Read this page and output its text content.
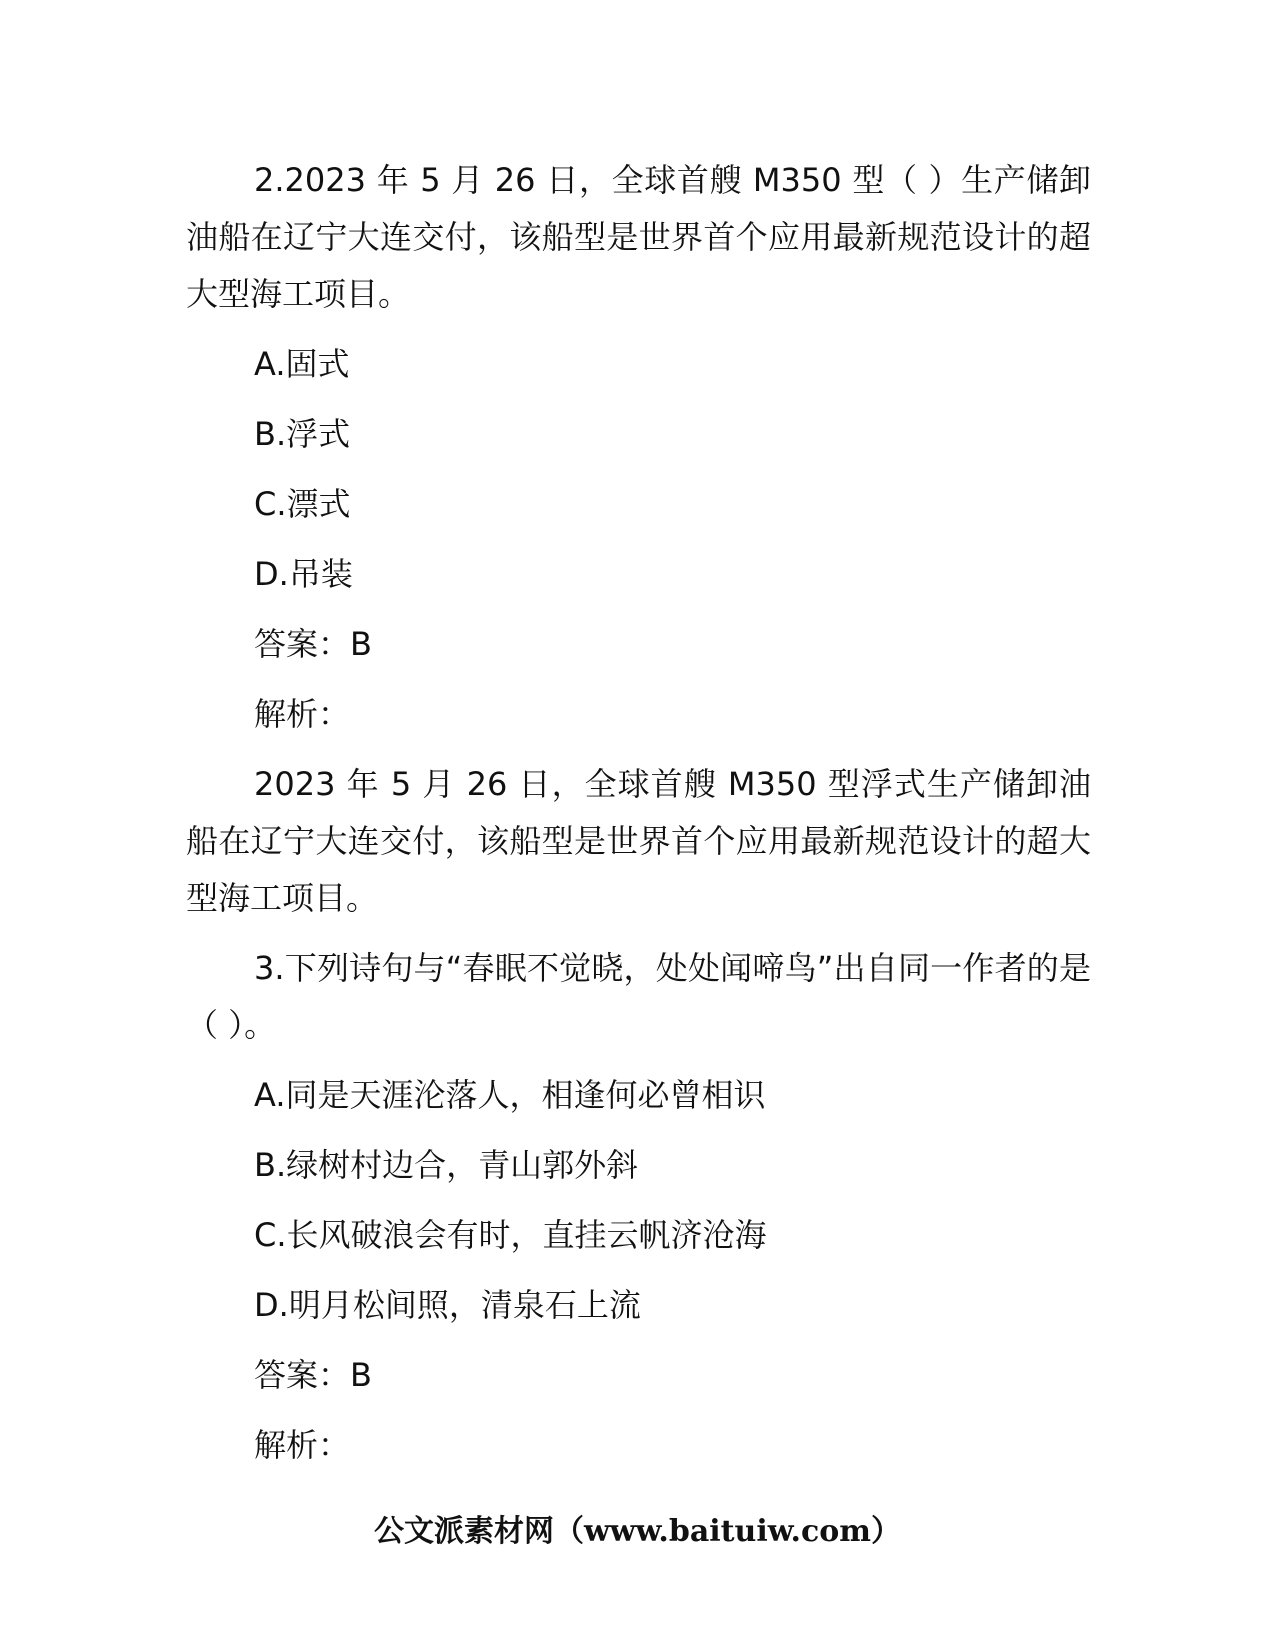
2.2023 年 5 月 26 日，全球首艘 M350 型（ ）生产储卸油船在辽宁大连交付，该船型是世界首个应用最新规范设计的超大型海工项目。

A.固式

B.浮式

C.漂式

D.吊装

答案：B

解析：

2023 年 5 月 26 日，全球首艘 M350 型浮式生产储卸油船在辽宁大连交付，该船型是世界首个应用最新规范设计的超大型海工项目。

3.下列诗句与“春眠不觉晓，处处闻啼鸟”出自同一作者的是（ ）。

A.同是天涯沦落人，相逢何必曾相识

B.绿树村边合，青山郭外斜

C.长风破浪会有时，直挂云帆济沧海

D.明月松间照，清泉石上流

答案：B

解析：

公文派素材网（www.baituiw.com）
